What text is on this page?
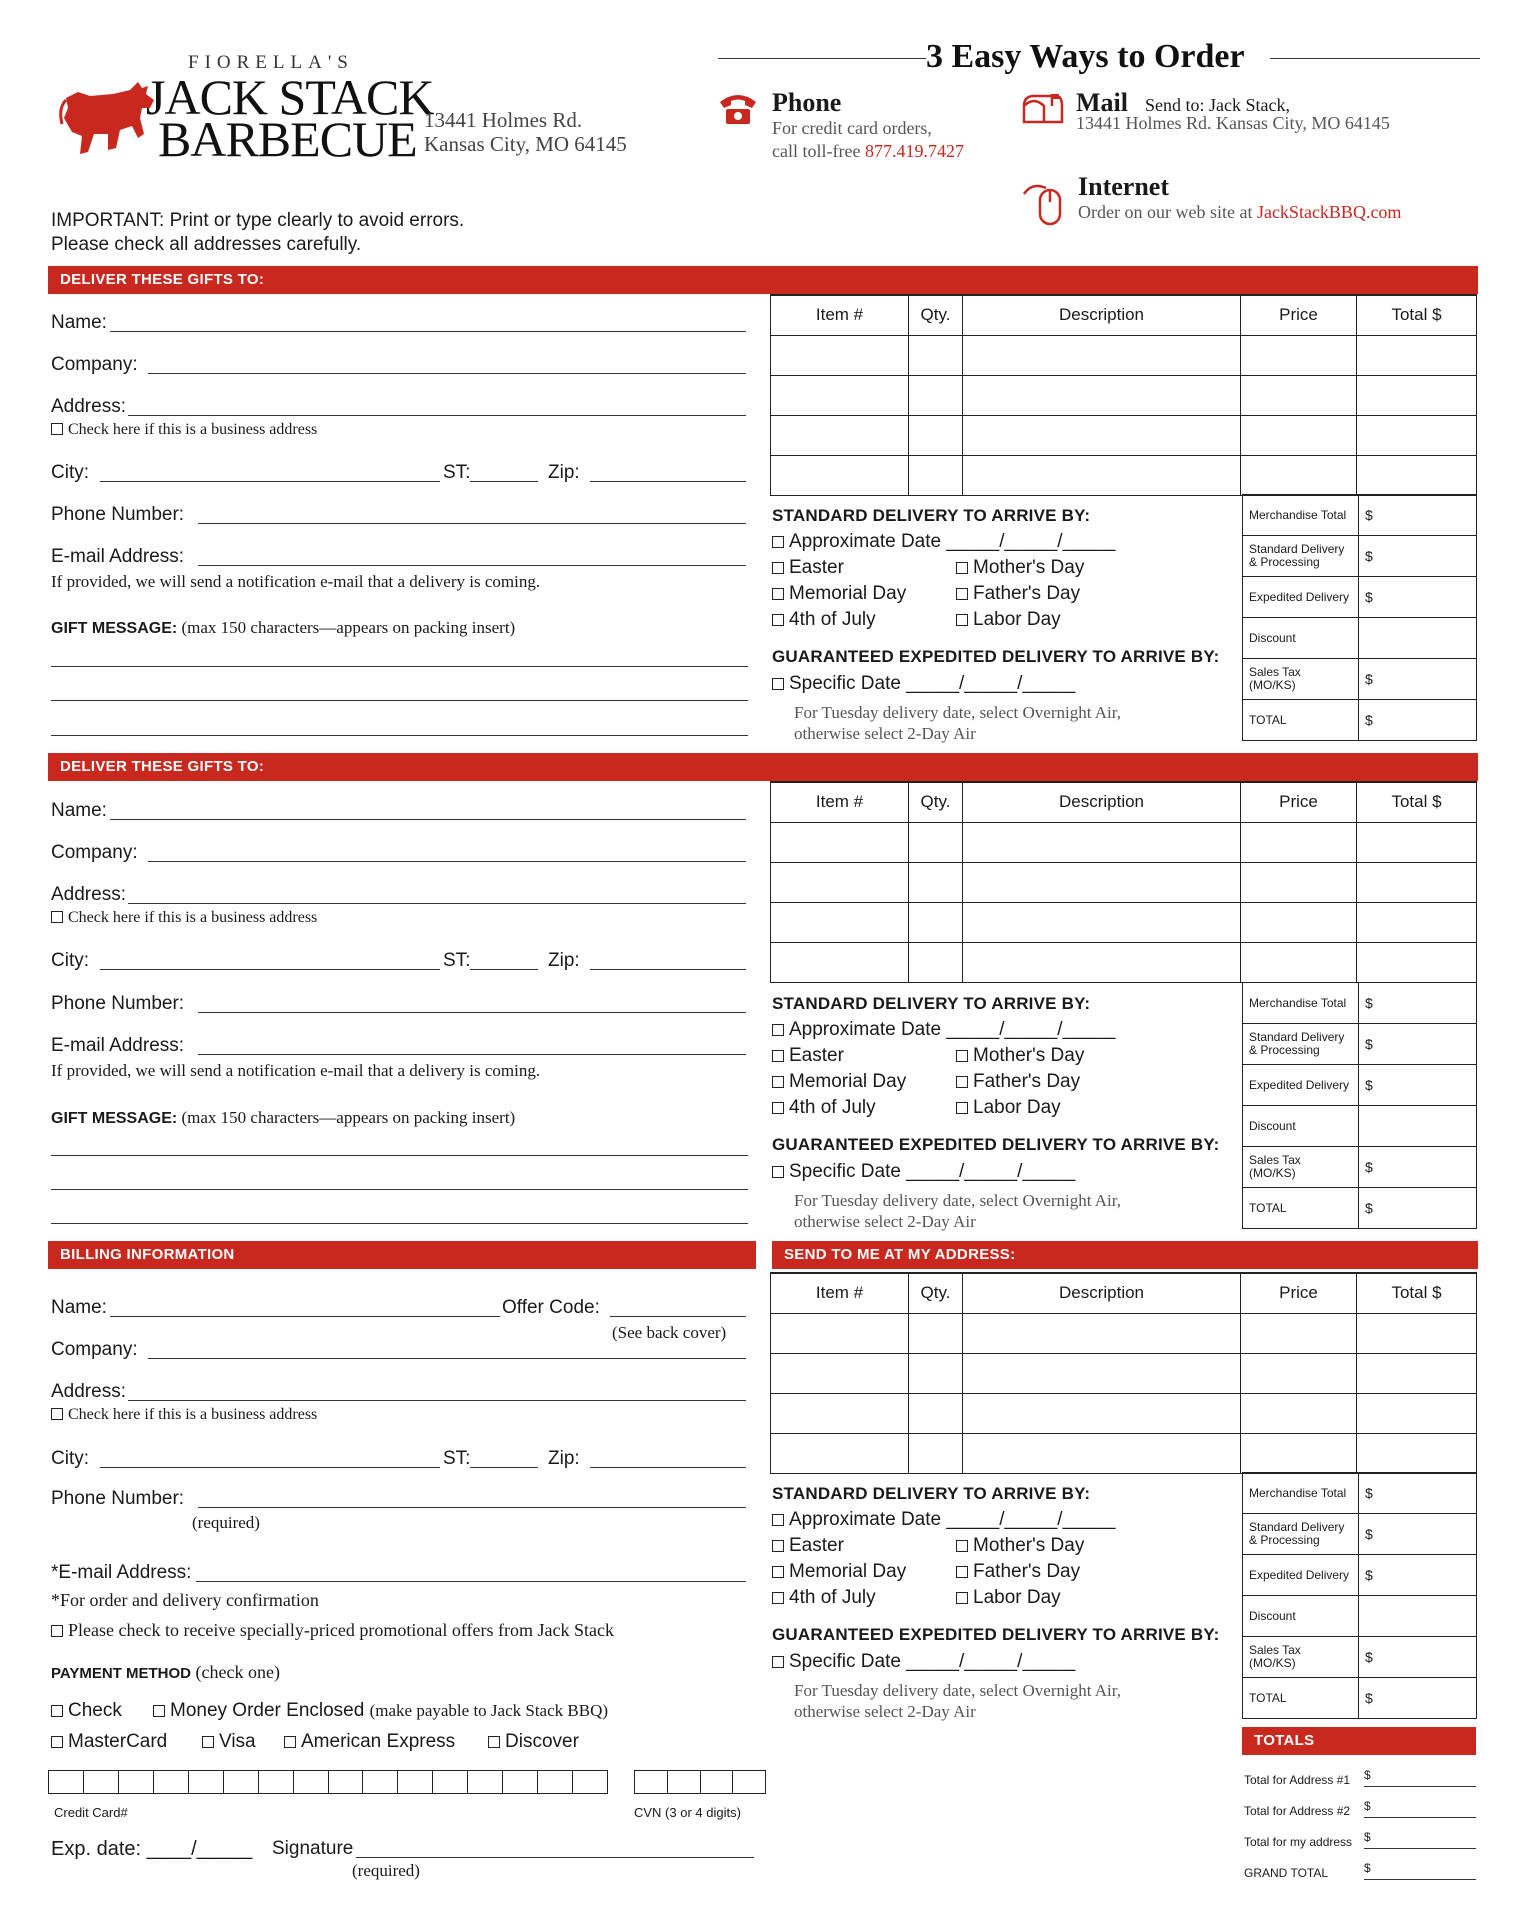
FIORELLA'S
JACK STACK
BARBECUE 13441 Holmes Rd.
Kansas City, MO 64145
3 Easy Ways to Order
Phone
For credit card orders,
call toll-free 877.419.7427
Mail Send to: Jack Stack,
13441 Holmes Rd. Kansas City, MO 64145
Internet
Order on our web site at JackStackBBQ.com
IMPORTANT: Print or type clearly to avoid errors.
Please check all addresses carefully.
DELIVER THESE GIFTS TO:
Name:
Company:
Address:
Check here if this is a business address
City:	ST:	Zip:
Phone Number:
E-mail Address:
If provided, we will send a notification e-mail that a delivery is coming.
GIFT MESSAGE: (max 150 characters—appears on packing insert)
Item #	Qty.	Description	Price	Total $

STANDARD DELIVERY TO ARRIVE BY:
Approximate Date _____/_____/_____
Easter	Mother's Day
Memorial Day	Father's Day
4th of July	Labor Day
GUARANTEED EXPEDITED DELIVERY TO ARRIVE BY:
Specific Date _____/_____/_____
For Tuesday delivery date, select Overnight Air,
otherwise select 2-Day Air
Merchandise Total	$
Standard Delivery
& Processing	$
Expedited Delivery	$
Discount	
Sales Tax
(MO/KS)	$
TOTAL	$
DELIVER THESE GIFTS TO:
Name:
Company:
Address:
Check here if this is a business address
City:	ST:	Zip:
Phone Number:
E-mail Address:
If provided, we will send a notification e-mail that a delivery is coming.
GIFT MESSAGE: (max 150 characters—appears on packing insert)
Item #	Qty.	Description	Price	Total $

STANDARD DELIVERY TO ARRIVE BY:
Approximate Date _____/_____/_____
Easter	Mother's Day
Memorial Day	Father's Day
4th of July	Labor Day
GUARANTEED EXPEDITED DELIVERY TO ARRIVE BY:
Specific Date _____/_____/_____
For Tuesday delivery date, select Overnight Air,
otherwise select 2-Day Air
Merchandise Total	$
Standard Delivery
& Processing	$
Expedited Delivery	$
Discount	
Sales Tax
(MO/KS)	$
TOTAL	$
BILLING INFORMATION	SEND TO ME AT MY ADDRESS:
Name:	Offer Code:
(See back cover)
Company:
Address:
Check here if this is a business address
City:	ST:	Zip:
Phone Number:
(required)
*E-mail Address:
*For order and delivery confirmation
Please check to receive specially-priced promotional offers from Jack Stack
PAYMENT METHOD (check one)
Check	Money Order Enclosed (make payable to Jack Stack BBQ)
MasterCard	Visa	American Express	Discover
Credit Card#	CVN (3 or 4 digits)
Exp. date: ____/_____ Signature
(required)
Item #	Qty.	Description	Price	Total $

STANDARD DELIVERY TO ARRIVE BY:
Approximate Date _____/_____/_____
Easter	Mother's Day
Memorial Day	Father's Day
4th of July	Labor Day
GUARANTEED EXPEDITED DELIVERY TO ARRIVE BY:
Specific Date _____/_____/_____
For Tuesday delivery date, select Overnight Air,
otherwise select 2-Day Air
Merchandise Total	$
Standard Delivery
& Processing	$
Expedited Delivery	$
Discount	
Sales Tax
(MO/KS)	$
TOTAL	$
TOTALS
Total for Address #1 $
Total for Address #2 $
Total for my address $
GRAND TOTAL	$
